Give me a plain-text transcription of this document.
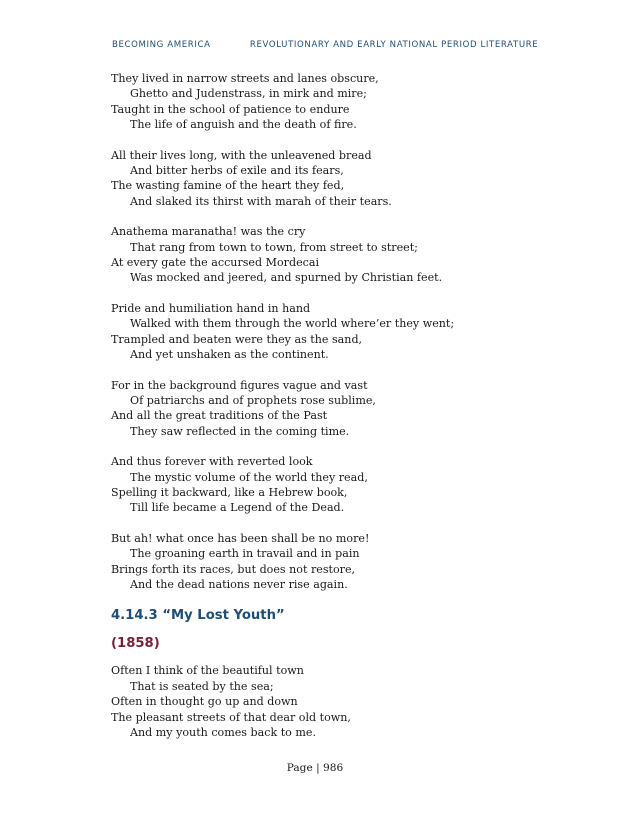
BECOMING AMERICA	REVOLUTIONARY AND EARLY NATIONAL PERIOD LITERATURE
They lived in narrow streets and lanes obscure,
Ghetto and Judenstrass, in mirk and mire;
Taught in the school of patience to endure
The life of anguish and the death of fire.
All their lives long, with the unleavened bread
And bitter herbs of exile and its fears,
The wasting famine of the heart they fed,
And slaked its thirst with marah of their tears.
Anathema maranatha! was the cry
That rang from town to town, from street to street;
At every gate the accursed Mordecai
Was mocked and jeered, and spurned by Christian feet.
Pride and humiliation hand in hand
Walked with them through the world where’er they went;
Trampled and beaten were they as the sand,
And yet unshaken as the continent.
For in the background figures vague and vast
Of patriarchs and of prophets rose sublime,
And all the great traditions of the Past
They saw reflected in the coming time.
And thus forever with reverted look
The mystic volume of the world they read,
Spelling it backward, like a Hebrew book,
Till life became a Legend of the Dead.
But ah! what once has been shall be no more!
The groaning earth in travail and in pain
Brings forth its races, but does not restore,
And the dead nations never rise again.
4.14.3 “My Lost Youth”
(1858)
Often I think of the beautiful town
That is seated by the sea;
Often in thought go up and down
The pleasant streets of that dear old town,
And my youth comes back to me.
Page | 986
